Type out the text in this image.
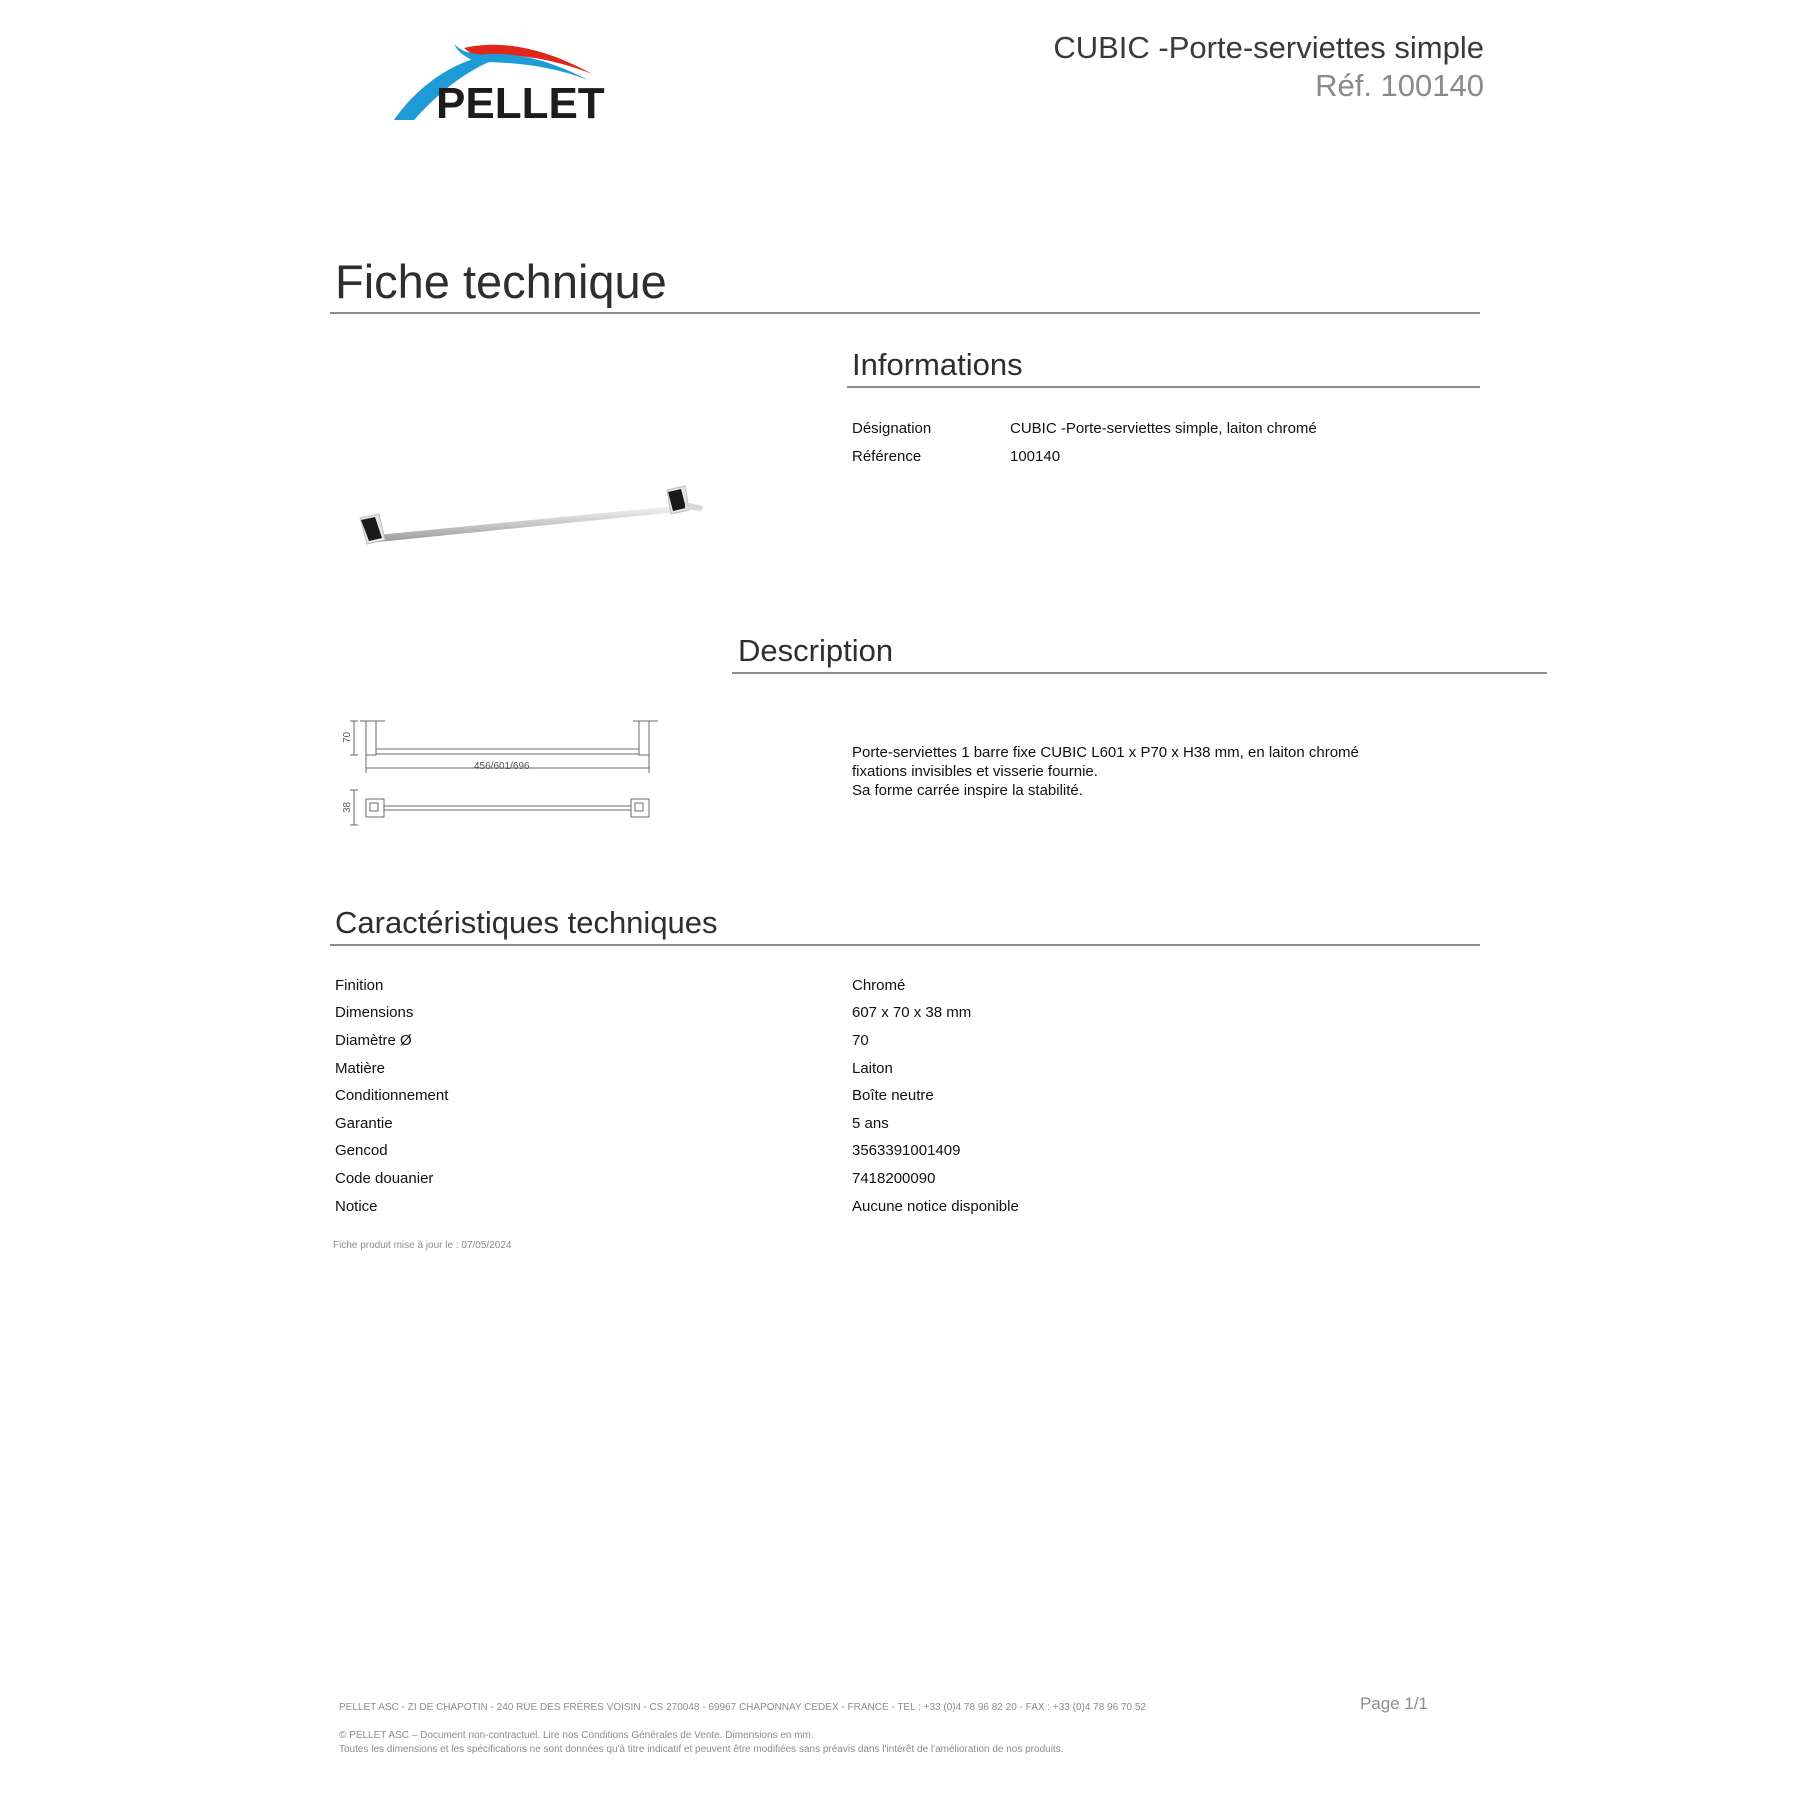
PELLET
CUBIC -Porte-serviettes simple
Réf. 100140
Fiche technique
Informations
Désignation	CUBIC -Porte-serviettes simple, laiton chromé
Référence	100140
Description
456/601/696
70
38
Porte-serviettes 1 barre fixe CUBIC L601 x P70 x H38 mm, en laiton chromé
fixations invisibles et visserie fournie.
Sa forme carrée inspire la stabilité.
Caractéristiques techniques
Finition	Chromé
Dimensions	607 x 70 x 38 mm
Diamètre Ø	70
Matière	Laiton
Conditionnement	Boîte neutre
Garantie	5 ans
Gencod	3563391001409
Code douanier	7418200090
Notice	Aucune notice disponible
Fiche produit mise à jour le : 07/05/2024
PELLET ASC - ZI DE CHAPOTIN - 240 RUE DES FRÈRES VOISIN - CS 270048 - 69967 CHAPONNAY CEDEX - FRANCE - TEL : +33 (0)4 78 96 82 20 - FAX : +33 (0)4 78 96 70 52	Page 1/1
© PELLET ASC – Document non-contractuel. Lire nos Conditions Générales de Vente. Dimensions en mm.
Toutes les dimensions et les spécifications ne sont données qu'à titre indicatif et peuvent être modifiées sans préavis dans l'intérêt de l'amélioration de nos produits.
